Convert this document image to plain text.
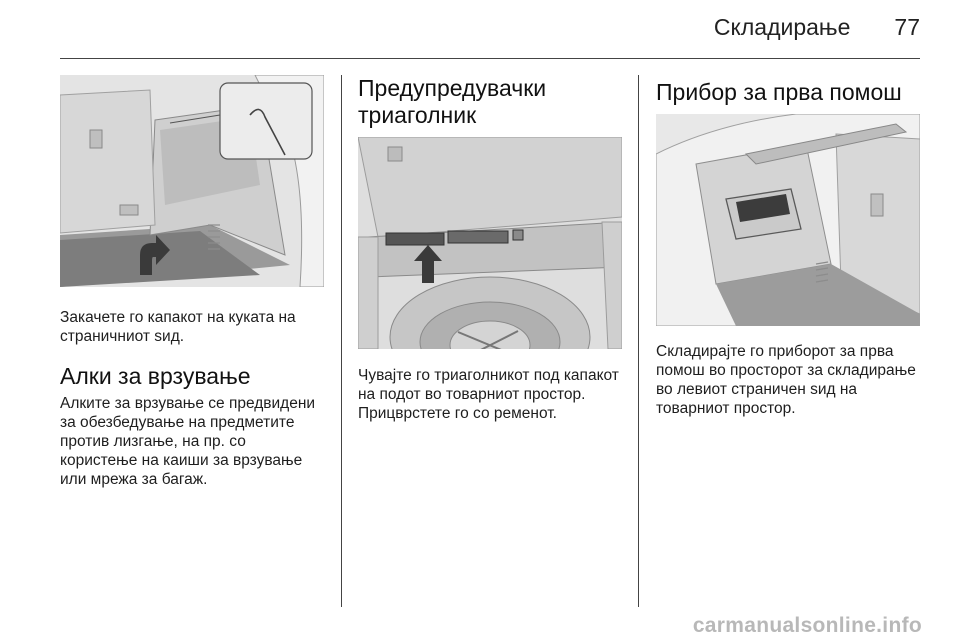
Складирање 77

Закачете го капакот на куката на страничниот sид.

Алки за врзување

Алките за врзување се предвидени за обезбедување на предметите против лизгање, на пр. со користење на каиши за врзување или мрежа за багаж.

Предупредувачки
триаголник

Чувајте го триаголникот под капакот на подот во товарниот простор. Прицврстете го со ременот.

Прибор за прва помош

Складирајте го приборот за прва помош во просторот за складирање во левиот страничен sид на товарниот простор.

carmanualsonline.info
